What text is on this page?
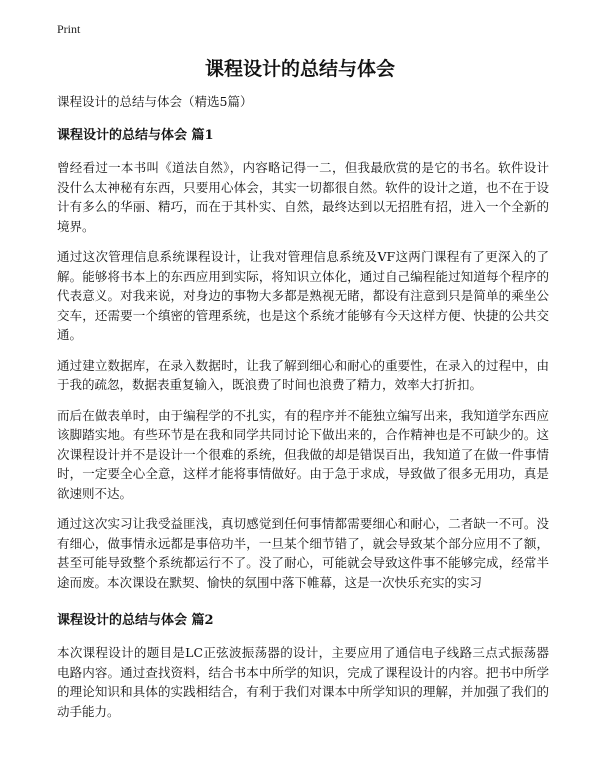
Print
课程设计的总结与体会
课程设计的总结与体会（精选5篇）
课程设计的总结与体会 篇1

曾经看过一本书叫《道法自然》，内容略记得一二，但我最欣赏的是它的书名。软件设计没什么太神秘有东西，只要用心体会，其实一切都很自然。软件的设计之道，也不在于设计有多么的华丽、精巧，而在于其朴实、自然，最终达到以无招胜有招，进入一个全新的境界。

通过这次管理信息系统课程设计，让我对管理信息系统及VF这两门课程有了更深入的了解。能够将书本上的东西应用到实际，将知识立体化，通过自己编程能过知道每个程序的代表意义。对我来说，对身边的事物大多都是熟视无睹，都设有注意到只是简单的乘坐公交车，还需要一个缜密的管理系统，也是这个系统才能够有今天这样方便、快捷的公共交通。

通过建立数据库，在录入数据时，让我了解到细心和耐心的重要性，在录入的过程中，由于我的疏忽，数据表重复输入，既浪费了时间也浪费了精力，效率大打折扣。

而后在做表单时，由于编程学的不扎实，有的程序并不能独立编写出来，我知道学东西应该脚踏实地。有些环节是在我和同学共同讨论下做出来的，合作精神也是不可缺少的。这次课程设计并不是设计一个很难的系统，但我做的却是错误百出，我知道了在做一件事情时，一定要全心全意，这样才能将事情做好。由于急于求成，导致做了很多无用功，真是欲速则不达。

通过这次实习让我受益匪浅，真切感觉到任何事情都需要细心和耐心，二者缺一不可。没有细心，做事情永远都是事倍功半，一旦某个细节错了，就会导致某个部分应用不了额，甚至可能导致整个系统都运行不了。没了耐心，可能就会导致这件事不能够完成，经常半途而废。本次课设在默契、愉快的氛围中落下帷幕，这是一次快乐充实的实习

课程设计的总结与体会 篇2

本次课程设计的题目是LC正弦波振荡器的设计，主要应用了通信电子线路三点式振荡器电路内容。通过查找资料，结合书本中所学的知识，完成了课程设计的内容。把书中所学的理论知识和具体的实践相结合，有利于我们对课本中所学知识的理解，并加强了我们的动手能力。
